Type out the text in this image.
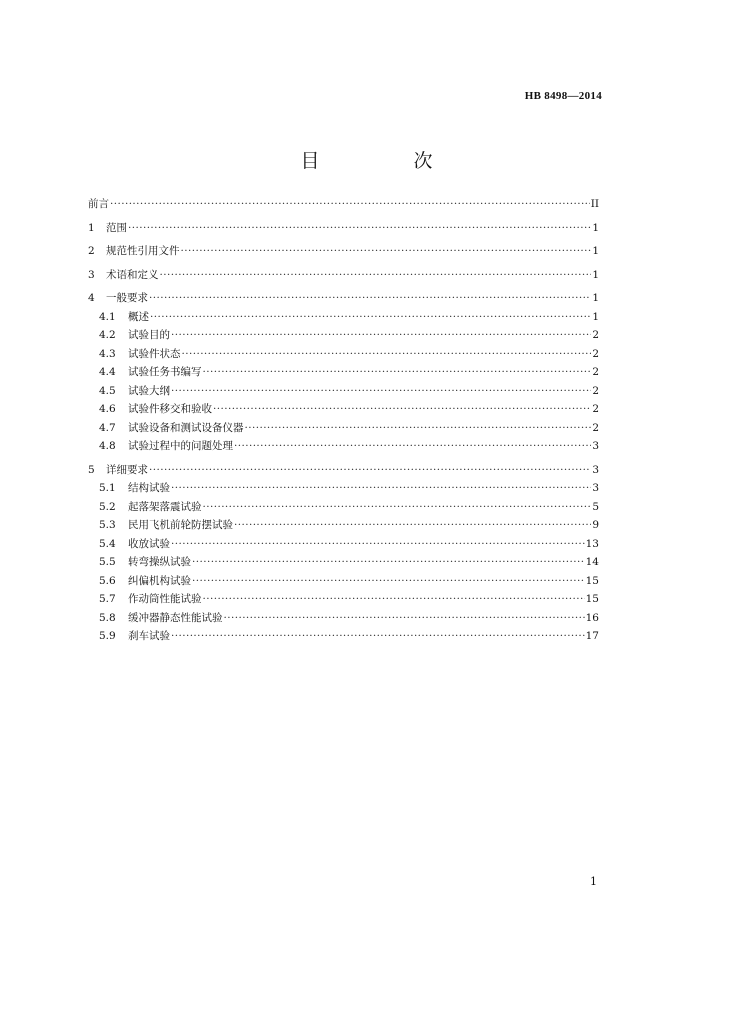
HB 8498—2014
目 次
前言 ·····	II
1	范围 ·····	1
2	规范性引用文件 ·····	1
3	术语和定义 ·····	1
4	一般要求 ·····	1
4.1	概述 ·····	1
4.2	试验目的 ·····	2
4.3	试验件状态 ·····	2
4.4	试验任务书编写 ·····	2
4.5	试验大纲 ·····	2
4.6	试验件移交和验收 ·····	2
4.7	试验设备和测试设备仪器 ·····	2
4.8	试验过程中的问题处理 ·····	3
5	详细要求 ·····	3
5.1	结构试验 ·····	3
5.2	起落架落震试验 ·····	5
5.3	民用飞机前轮防摆试验 ·····	9
5.4	收放试验 ·····	13
5.5	转弯操纵试验 ·····	14
5.6	纠偏机构试验 ·····	15
5.7	作动筒性能试验 ·····	15
5.8	缓冲器静态性能试验 ·····	16
5.9	刹车试验 ·····	17
1
